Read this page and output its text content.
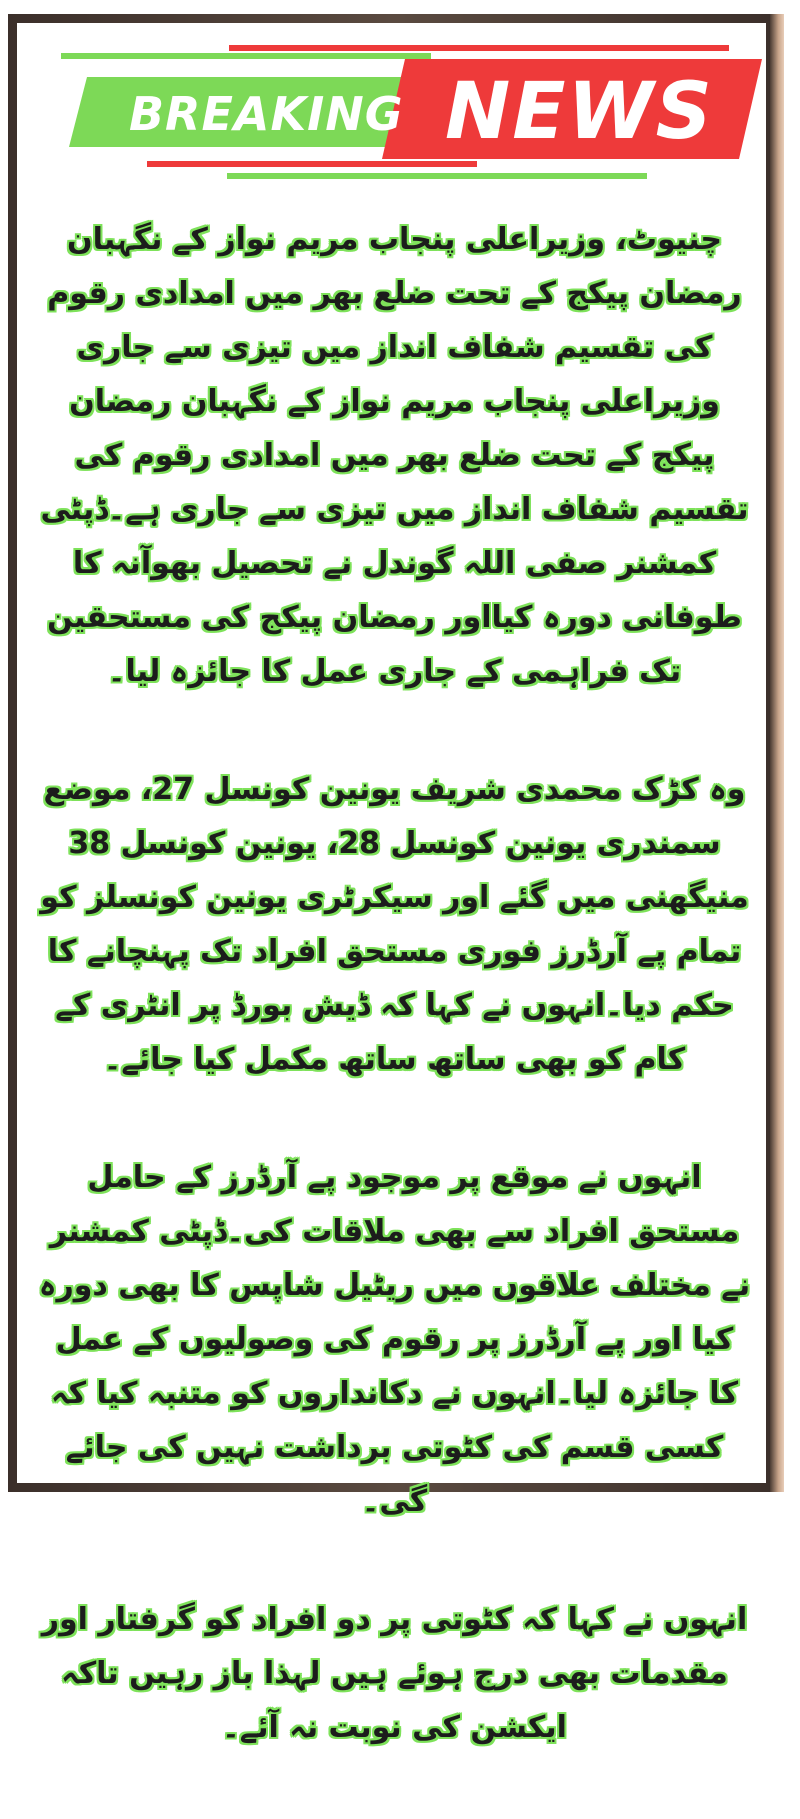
BREAKING NEWS

چنیوٹ، وزیراعلی پنجاب مریم نواز کے نگہبان رمضان پیکج کے تحت ضلع بھر میں امدادی رقوم کی تقسیم شفاف انداز میں تیزی سے جاری وزیراعلی پنجاب مریم نواز کے نگہبان رمضان پیکج کے تحت ضلع بھر میں امدادی رقوم کی تقسیم شفاف انداز میں تیزی سے جاری ہے۔ڈپٹی کمشنر صفی اللہ گوندل نے تحصیل بھوآنہ کا طوفانی دورہ کیااور رمضان پیکج کی مستحقین تک فراہمی کے جاری عمل کا جائزہ لیا۔

وہ کڑک محمدی شریف یونین کونسل 27، موضع سمندری یونین کونسل 28، یونین کونسل 38 منیگھنی میں گئے اور سیکرٹری یونین کونسلز کو تمام پے آرڈرز فوری مستحق افراد تک پہنچانے کا حکم دیا۔انہوں نے کہا کہ ڈیش بورڈ پر انٹری کے کام کو بھی ساتھ ساتھ مکمل کیا جائے۔

انہوں نے موقع پر موجود پے آرڈرز کے حامل مستحق افراد سے بھی ملاقات کی۔ڈپٹی کمشنر نے مختلف علاقوں میں ریٹیل شاپس کا بھی دورہ کیا اور پے آرڈرز پر رقوم کی وصولیوں کے عمل کا جائزہ لیا۔انہوں نے دکانداروں کو متنبہ کیا کہ کسی قسم کی کٹوتی برداشت نہیں کی جائے گی۔

انہوں نے کہا کہ کٹوتی پر دو افراد کو گرفتار اور مقدمات بھی درج ہوئے ہیں لہذا باز رہیں تاکہ ایکشن کی نوبت نہ آئے۔
